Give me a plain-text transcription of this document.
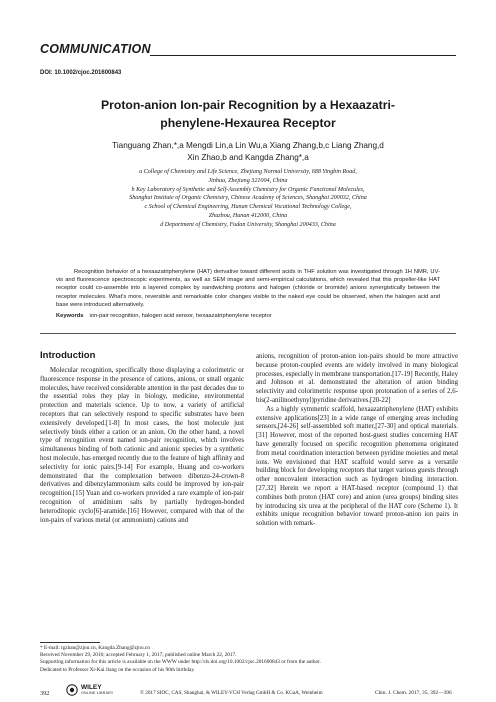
COMMUNICATION
DOI: 10.1002/cjoc.201600843
Proton-anion Ion-pair Recognition by a Hexaazatri-
phenylene-Hexaurea Receptor
Tianguang Zhan,*,a Mengdi Lin,a Lin Wu,a Xiang Zhang,b,c Liang Zhang,d
Xin Zhao,b and Kangda Zhang*,a
a College of Chemistry and Life Science, Zhejiang Normal University, 688 Yingbin Road,
Jinhua, Zhejiang 321004, China
b Key Laboratory of Synthetic and Self-Assembly Chemistry for Organic Functional Molecules,
Shanghai Institute of Organic Chemistry, Chinese Academy of Sciences, Shanghai 200032, China
c School of Chemical Engineering, Hunan Chemical Vocational Technology College,
Zhuzhou, Hunan 412000, China
d Department of Chemistry, Fudan University, Shanghai 200433, China
Recognition behavior of a hexaazatriphenylene (HAT) derivative toward different acids in THF solution was investigated through 1H NMR, UV-vis and fluorescence spectroscopic experiments, as well as SEM image and semi-empirical calculations, which revealed that this propeller-like HAT receptor could co-assemble into a layered complex by sandwiching protons and halogen (chloride or bromide) anions synergistically between the receptor molecules. What's more, reversible and remarkable color changes visible to the naked eye could be observed, when the halogen acid and base were introduced alternatively.
Keywords ion-pair recognition, halogen acid sensor, hexaazatriphenylene receptor
Introduction

Molecular recognition, specifically those displaying a colorimetric or fluorescence response in the presence of cations, anions, or small organic molecules, have received considerable attention in the past decades due to the essential roles they play in biology, medicine, environmental protection and materials science. Up to now, a variety of artificial receptors that can selectively respond to specific substrates have been extensively developed.[1-8] In most cases, the host molecule just selectively binds either a cation or an anion. On the other hand, a novel type of recognition event named ion-pair recognition, which involves simultaneous binding of both cationic and anionic species by a synthetic host molecule, has emerged recently due to the feature of high affinity and selectivity for ionic pairs.[9-14] For example, Huang and co-workers demonstrated that the complexation between dibenzo-24-crown-8 derivatives and dibenzylammonium salts could be improved by ion-pair recognition.[15] Yuan and co-workers provided a rare example of ion-pair recognition of amidinium salts by partially hydrogen-bonded heteroditopic cyclo[6]-aramide.[16] However, compared with that of the ion-pairs of various metal (or ammonium) cations and

anions, recognition of proton-anion ion-pairs should be more attractive because proton-coupled events are widely involved in many biological processes, especially in membrane transportation.[17-19] Recently, Haley and Johnson et al. demonstrated the alteration of anion binding selectivity and colorimetric response upon protonation of a series of 2,6-bis(2-anilinoethynyl)pyridine derivatives.[20-22]

As a highly symmetric scaffold, hexaazatriphenylene (HAT) exhibits extensive applications[23] in a wide range of emerging areas including sensors,[24-26] self-assembled soft matter,[27-30] and optical materials.[31] However, most of the reported host-guest studies concerning HAT have generally focused on specific recognition phenomena originated from metal coordination interaction between pyridine moieties and metal ions. We envisioned that HAT scaffold would serve as a versatile building block for developing receptors that target various guests through other noncovalent interaction such as hydrogen binding interaction.[27,32] Herein we report a HAT-based receptor (compound 1) that combines both proton (HAT core) and anion (urea groups) binding sites by introducing six urea at the peripheral of the HAT core (Scheme 1). It exhibits unique recognition behavior toward proton-anion ion pairs in solution with remark-

* E-mail: tgzhan@zjnu.cn, Kangda.Zhang@zjnu.cn
Received November 29, 2016; accepted February 1, 2017; published online March 22, 2017.
Supporting information for this article is available on the WWW under http://dx.doi.org/10.1002/cjoc.201600843 or from the author.
Dedicated to Professor Xi-Kai Jiang on the occasion of his 90th birthday.
392
WILEY
ONLINE LIBRARY	© 2017 SIOC, CAS, Shanghai, & WILEY-VCH Verlag GmbH & Co. KGaA, Weinheim	Chin. J. Chem. 2017, 35, 392—396
